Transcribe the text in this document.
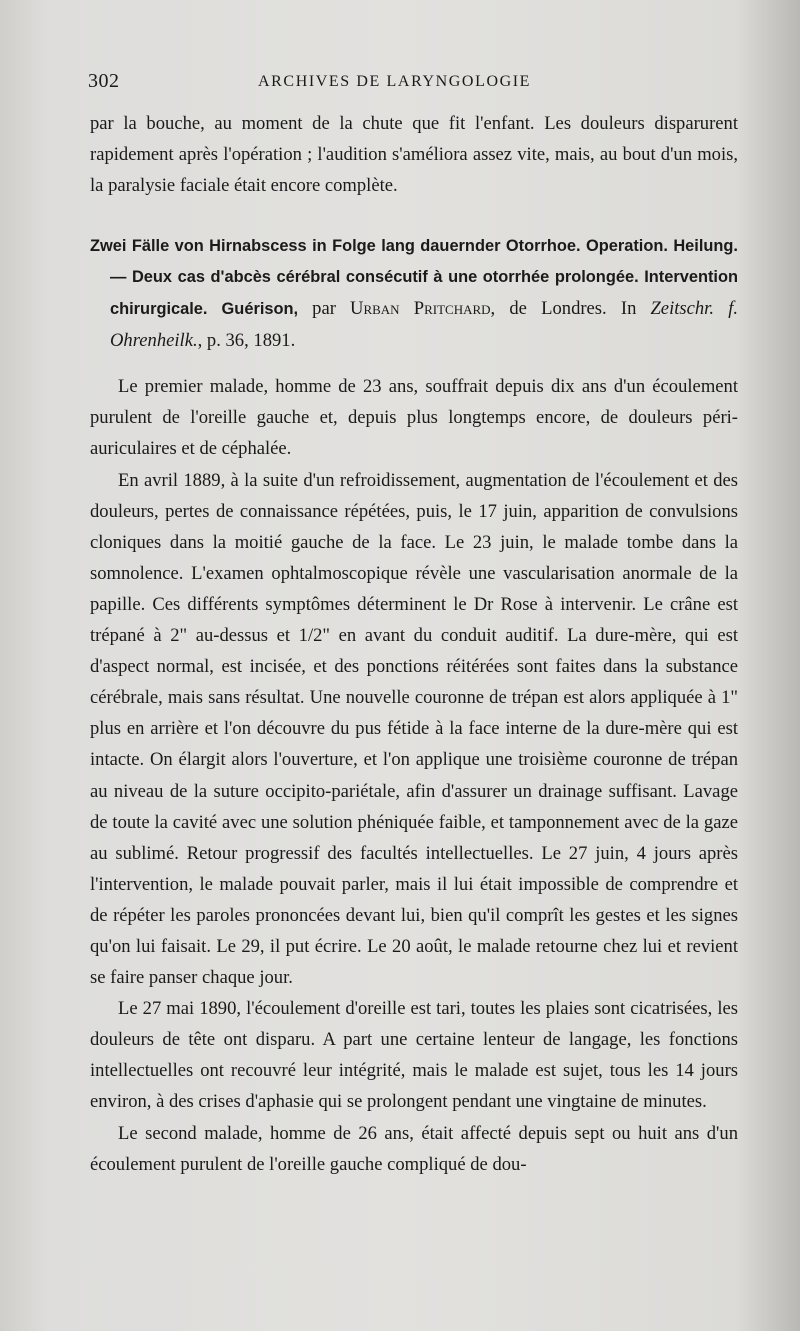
302	ARCHIVES DE LARYNGOLOGIE

par la bouche, au moment de la chute que fit l'enfant. Les douleurs disparurent rapidement après l'opération ; l'audition s'améliora assez vite, mais, au bout d'un mois, la paralysie faciale était encore complète.

Zwei Fälle von Hirnabscess in Folge lang dauernder Otorrhoe. Operation. Heilung. — Deux cas d'abcès cérébral consécutif à une otorrhée prolongée. Intervention chirurgicale. Guérison, par Urban Pritchard, de Londres. In Zeitschr. f. Ohrenheilk., p. 36, 1891.

Le premier malade, homme de 23 ans, souffrait depuis dix ans d'un écoulement purulent de l'oreille gauche et, depuis plus longtemps encore, de douleurs péri-auriculaires et de céphalée.

En avril 1889, à la suite d'un refroidissement, augmentation de l'écoulement et des douleurs, pertes de connaissance répétées, puis, le 17 juin, apparition de convulsions cloniques dans la moitié gauche de la face. Le 23 juin, le malade tombe dans la somnolence. L'examen ophtalmoscopique révèle une vascularisation anormale de la papille. Ces différents symptômes déterminent le Dr Rose à intervenir. Le crâne est trépané à 2" au-dessus et 1/2" en avant du conduit auditif. La dure-mère, qui est d'aspect normal, est incisée, et des ponctions réitérées sont faites dans la substance cérébrale, mais sans résultat. Une nouvelle couronne de trépan est alors appliquée à 1" plus en arrière et l'on découvre du pus fétide à la face interne de la dure-mère qui est intacte. On élargit alors l'ouverture, et l'on applique une troisième couronne de trépan au niveau de la suture occipito-pariétale, afin d'assurer un drainage suffisant. Lavage de toute la cavité avec une solution phéniquée faible, et tamponnement avec de la gaze au sublimé. Retour progressif des facultés intellectuelles. Le 27 juin, 4 jours après l'intervention, le malade pouvait parler, mais il lui était impossible de comprendre et de répéter les paroles prononcées devant lui, bien qu'il comprît les gestes et les signes qu'on lui faisait. Le 29, il put écrire. Le 20 août, le malade retourne chez lui et revient se faire panser chaque jour.

Le 27 mai 1890, l'écoulement d'oreille est tari, toutes les plaies sont cicatrisées, les douleurs de tête ont disparu. A part une certaine lenteur de langage, les fonctions intellectuelles ont recouvré leur intégrité, mais le malade est sujet, tous les 14 jours environ, à des crises d'aphasie qui se prolongent pendant une vingtaine de minutes.

Le second malade, homme de 26 ans, était affecté depuis sept ou huit ans d'un écoulement purulent de l'oreille gauche compliqué de dou-
